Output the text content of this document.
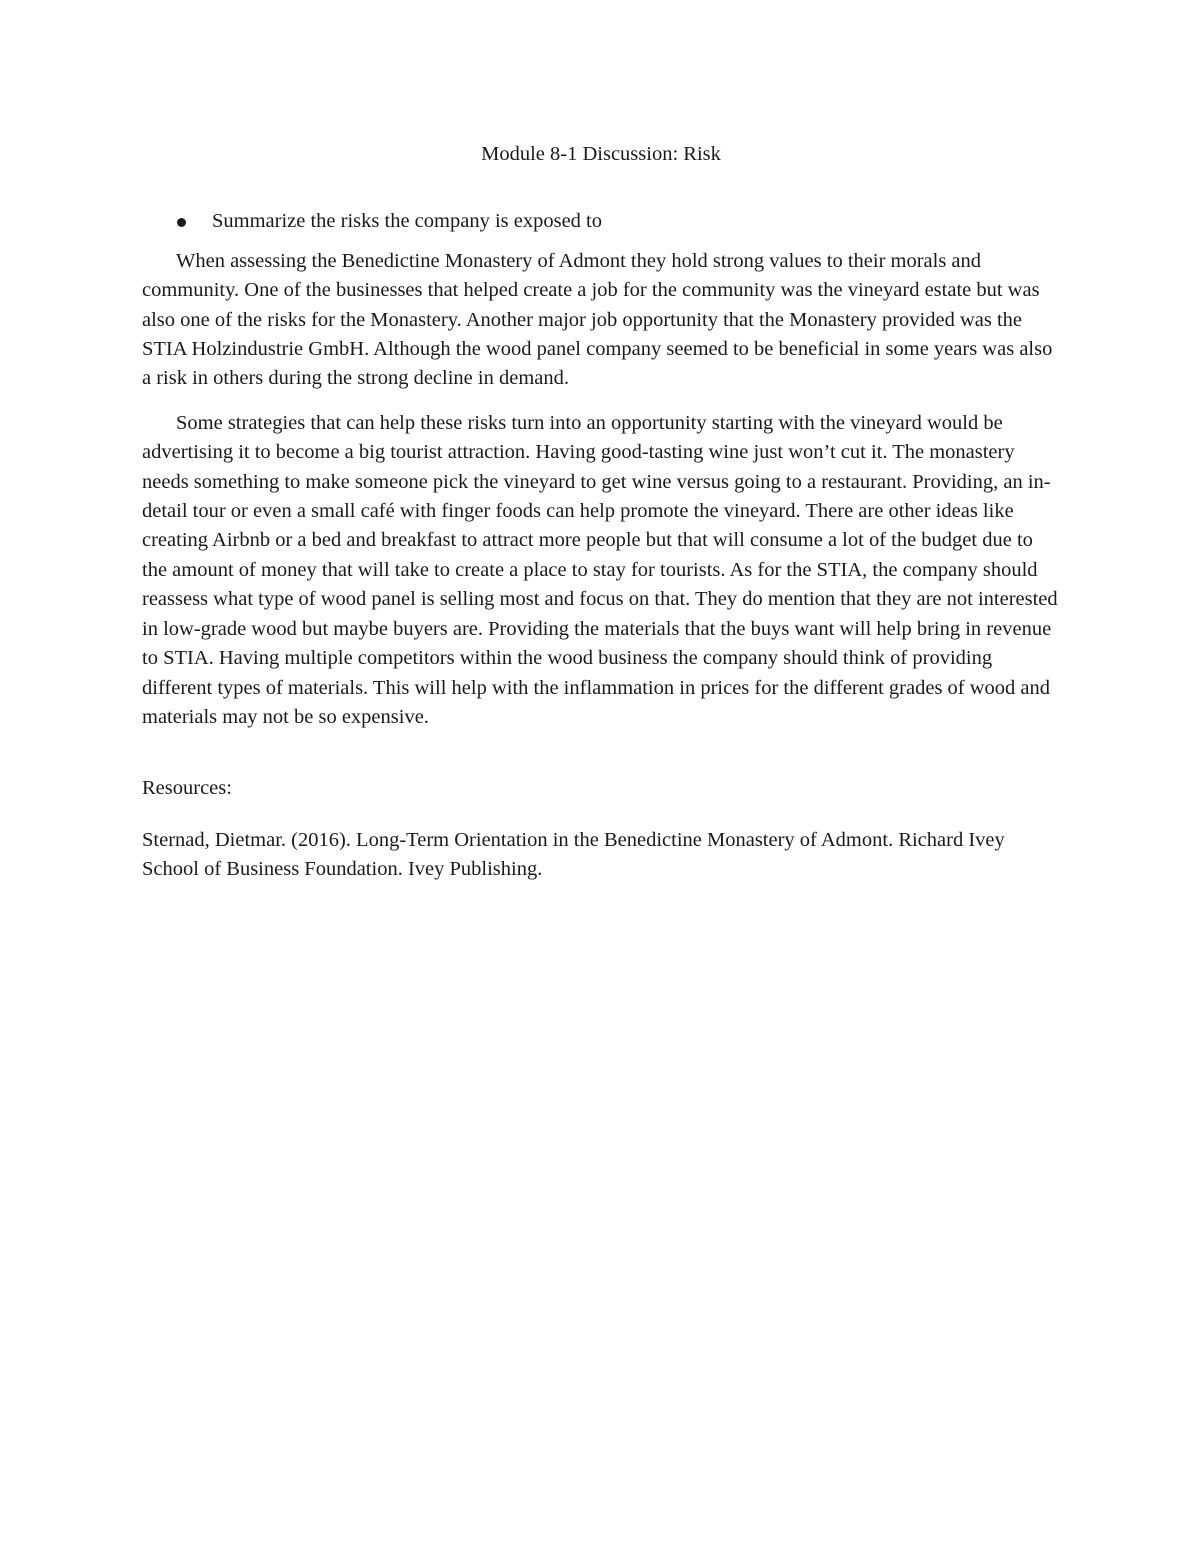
Module 8-1 Discussion: Risk
Summarize the risks the company is exposed to

When assessing the Benedictine Monastery of Admont they hold strong values to their morals and community. One of the businesses that helped create a job for the community was the vineyard estate but was also one of the risks for the Monastery. Another major job opportunity that the Monastery provided was the STIA Holzindustrie GmbH. Although the wood panel company seemed to be beneficial in some years was also a risk in others during the strong decline in demand.

Some strategies that can help these risks turn into an opportunity starting with the vineyard would be advertising it to become a big tourist attraction. Having good-tasting wine just won’t cut it. The monastery needs something to make someone pick the vineyard to get wine versus going to a restaurant. Providing, an in-detail tour or even a small café with finger foods can help promote the vineyard. There are other ideas like creating Airbnb or a bed and breakfast to attract more people but that will consume a lot of the budget due to the amount of money that will take to create a place to stay for tourists. As for the STIA, the company should reassess what type of wood panel is selling most and focus on that. They do mention that they are not interested in low-grade wood but maybe buyers are. Providing the materials that the buys want will help bring in revenue to STIA. Having multiple competitors within the wood business the company should think of providing different types of materials. This will help with the inflammation in prices for the different grades of wood and materials may not be so expensive.

Resources:

Sternad, Dietmar. (2016). Long-Term Orientation in the Benedictine Monastery of Admont. Richard Ivey School of Business Foundation. Ivey Publishing.
